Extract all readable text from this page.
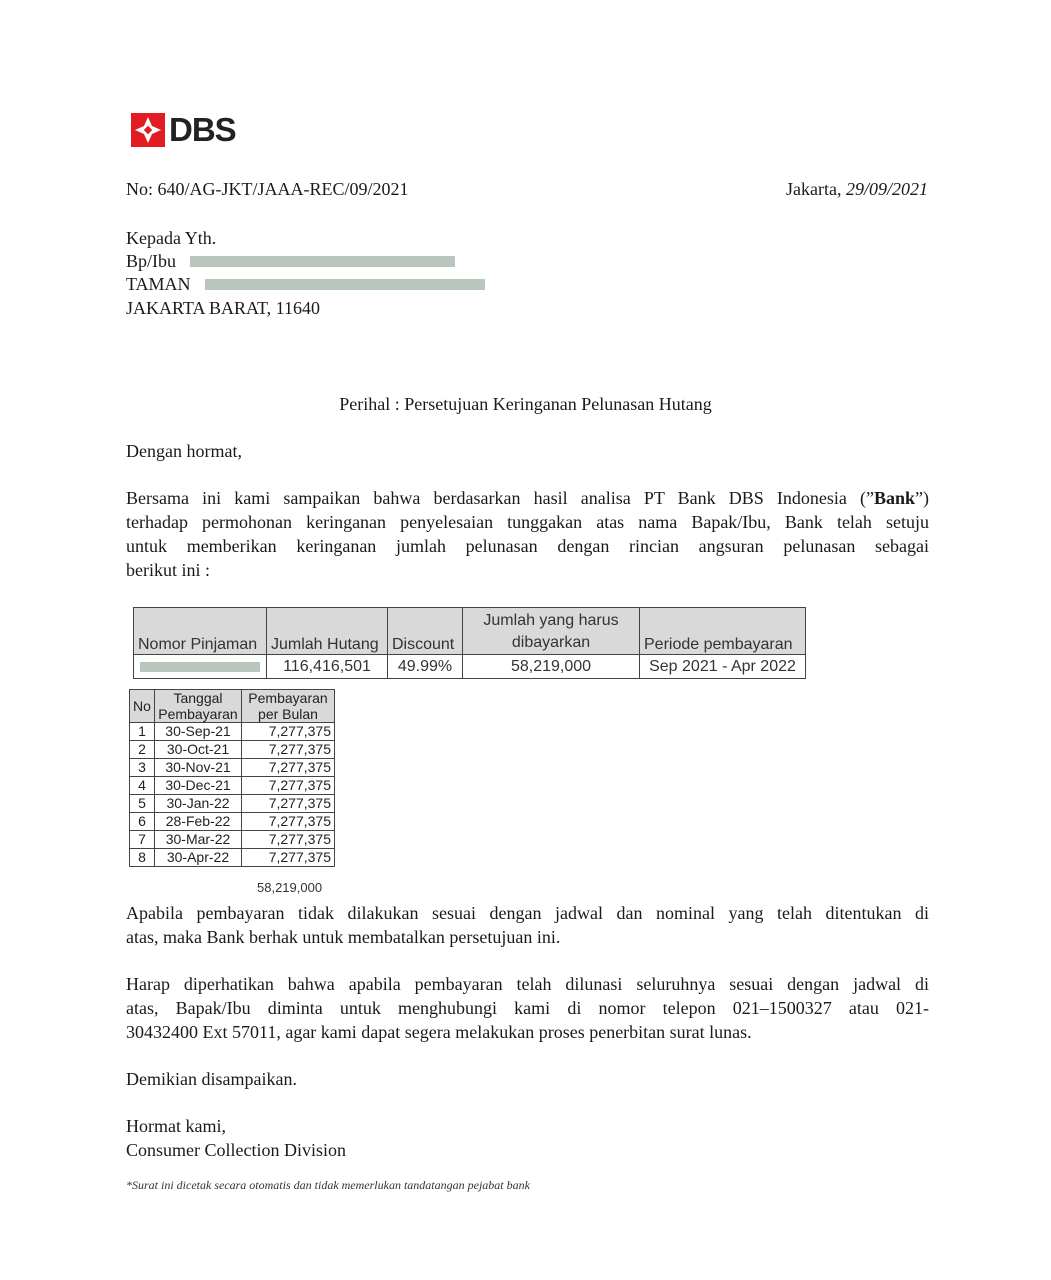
DBS
No: 640/AG-JKT/JAAA-REC/09/2021	Jakarta, 29/09/2021
Kepada Yth.
Bp/Ibu
TAMAN
JAKARTA BARAT, 11640
Perihal : Persetujuan Keringanan Pelunasan Hutang
Dengan hormat,
Bersama ini kami sampaikan bahwa berdasarkan hasil analisa PT Bank DBS Indonesia (”Bank”)
terhadap permohonan keringanan penyelesaian tunggakan atas nama Bapak/Ibu, Bank telah setuju
untuk memberikan keringanan jumlah pelunasan dengan rincian angsuran pelunasan sebagai
berikut ini :
Nomor Pinjaman	Jumlah Hutang	Discount	Jumlah yang harus dibayarkan	Periode pembayaran

	116,416,501	49.99%	58,219,000	Sep 2021 - Apr 2022
No	Tanggal Pembayaran	Pembayaran per Bulan
1	30-Sep-21	7,277,375
2	30-Oct-21	7,277,375
3	30-Nov-21	7,277,375
4	30-Dec-21	7,277,375
5	30-Jan-22	7,277,375
6	28-Feb-22	7,277,375
7	30-Mar-22	7,277,375
8	30-Apr-22	7,277,375
58,219,000
Apabila pembayaran tidak dilakukan sesuai dengan jadwal dan nominal yang telah ditentukan di
atas, maka Bank berhak untuk membatalkan persetujuan ini.
Harap diperhatikan bahwa apabila pembayaran telah dilunasi seluruhnya sesuai dengan jadwal di
atas, Bapak/Ibu diminta untuk menghubungi kami di nomor telepon 021–1500327 atau 021-
30432400 Ext 57011, agar kami dapat segera melakukan proses penerbitan surat lunas.
Demikian disampaikan.
Hormat kami,
Consumer Collection Division
*Surat ini dicetak secara otomatis dan tidak memerlukan tandatangan pejabat bank
